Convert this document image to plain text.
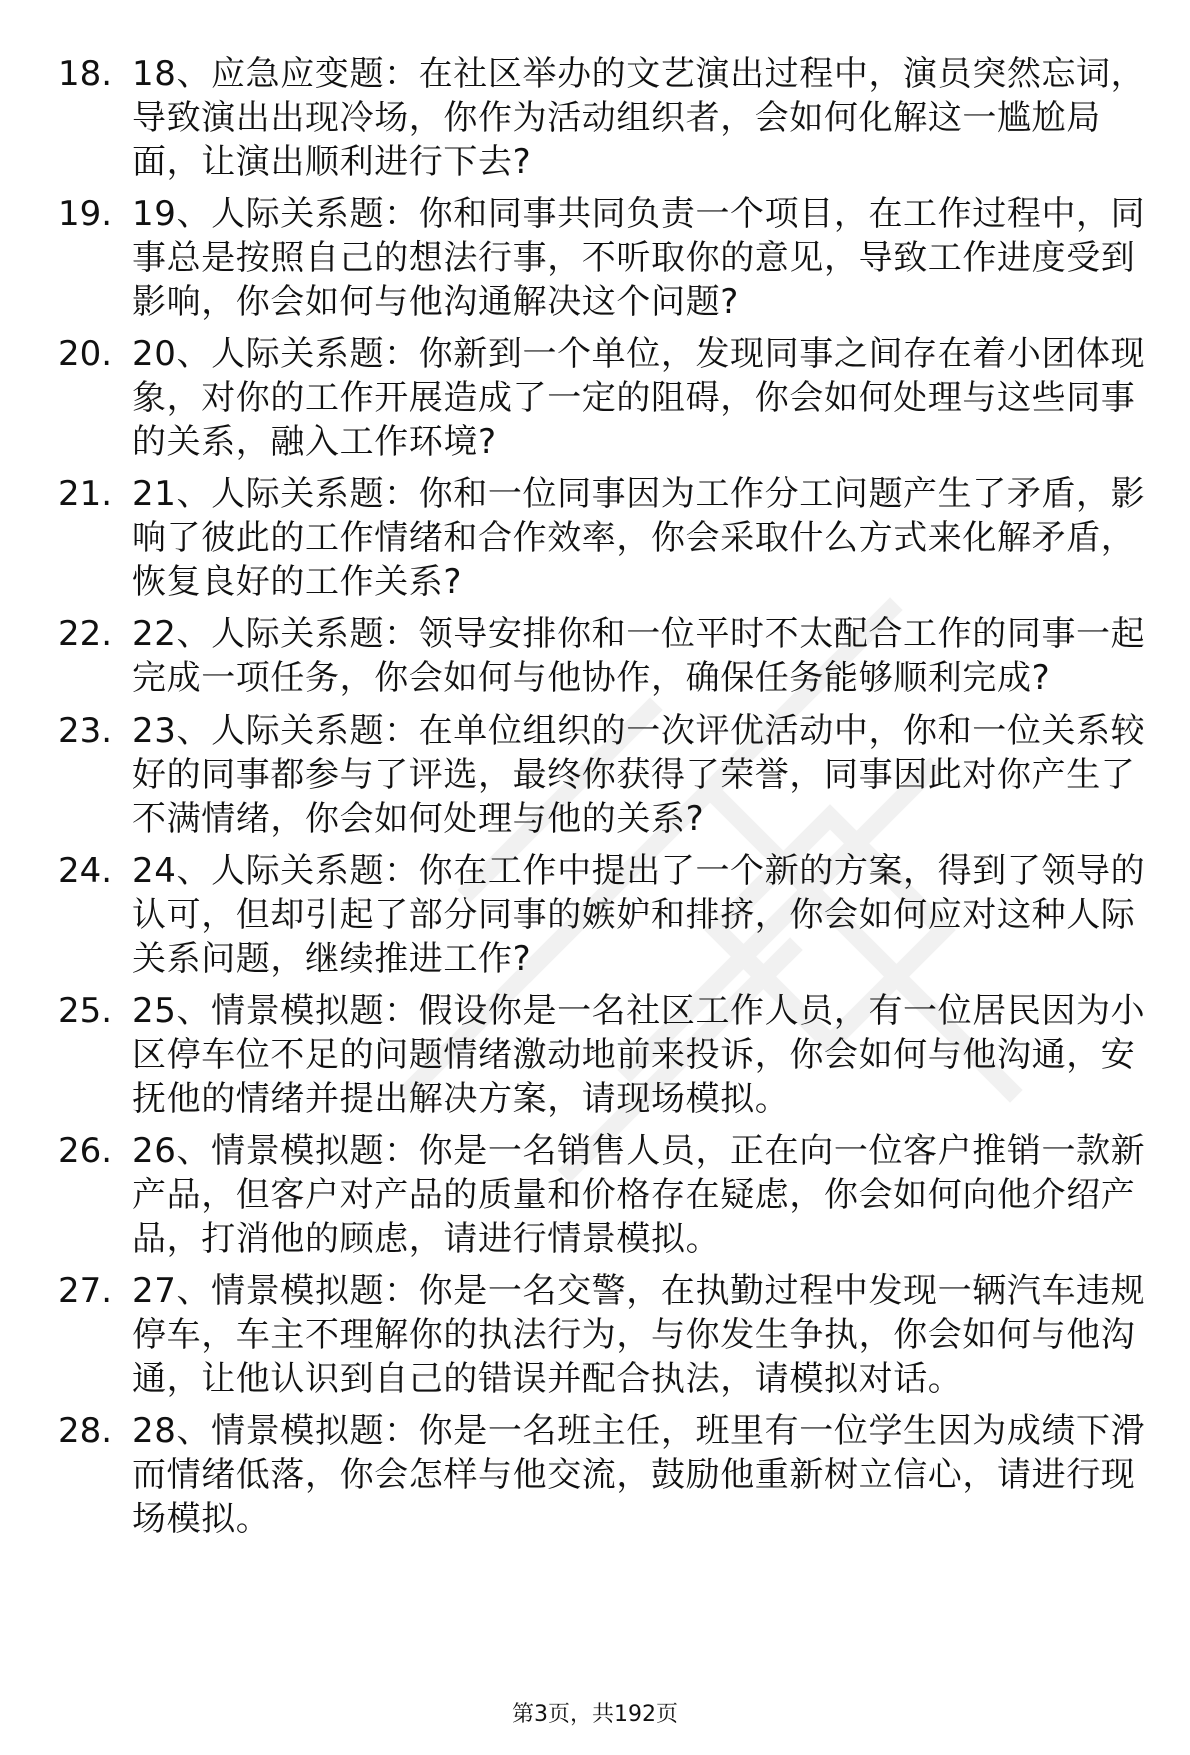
18. 18、应急应变题：在社区举办的文艺演出过程中，演员突然忘词，导致演出出现冷场，你作为活动组织者，会如何化解这一尴尬局面，让演出顺利进行下去?
19. 19、人际关系题：你和同事共同负责一个项目，在工作过程中，同事总是按照自己的想法行事，不听取你的意见，导致工作进度受到影响，你会如何与他沟通解决这个问题?
20. 20、人际关系题：你新到一个单位，发现同事之间存在着小团体现象，对你的工作开展造成了一定的阻碍，你会如何处理与这些同事的关系，融入工作环境?
21. 21、人际关系题：你和一位同事因为工作分工问题产生了矛盾，影响了彼此的工作情绪和合作效率，你会采取什么方式来化解矛盾，恢复良好的工作关系?
22. 22、人际关系题：领导安排你和一位平时不太配合工作的同事一起完成一项任务，你会如何与他协作，确保任务能够顺利完成?
23. 23、人际关系题：在单位组织的一次评优活动中，你和一位关系较好的同事都参与了评选，最终你获得了荣誉，同事因此对你产生了不满情绪，你会如何处理与他的关系?
24. 24、人际关系题：你在工作中提出了一个新的方案，得到了领导的认可，但却引起了部分同事的嫉妒和排挤，你会如何应对这种人际关系问题，继续推进工作?
25. 25、情景模拟题：假设你是一名社区工作人员，有一位居民因为小区停车位不足的问题情绪激动地前来投诉，你会如何与他沟通，安抚他的情绪并提出解决方案，请现场模拟。
26. 26、情景模拟题：你是一名销售人员，正在向一位客户推销一款新产品，但客户对产品的质量和价格存在疑虑，你会如何向他介绍产品，打消他的顾虑，请进行情景模拟。
27. 27、情景模拟题：你是一名交警，在执勤过程中发现一辆汽车违规停车，车主不理解你的执法行为，与你发生争执，你会如何与他沟通，让他认识到自己的错误并配合执法，请模拟对话。
28. 28、情景模拟题：你是一名班主任，班里有一位学生因为成绩下滑而情绪低落，你会怎样与他交流，鼓励他重新树立信心，请进行现场模拟。
第3页，共192页
